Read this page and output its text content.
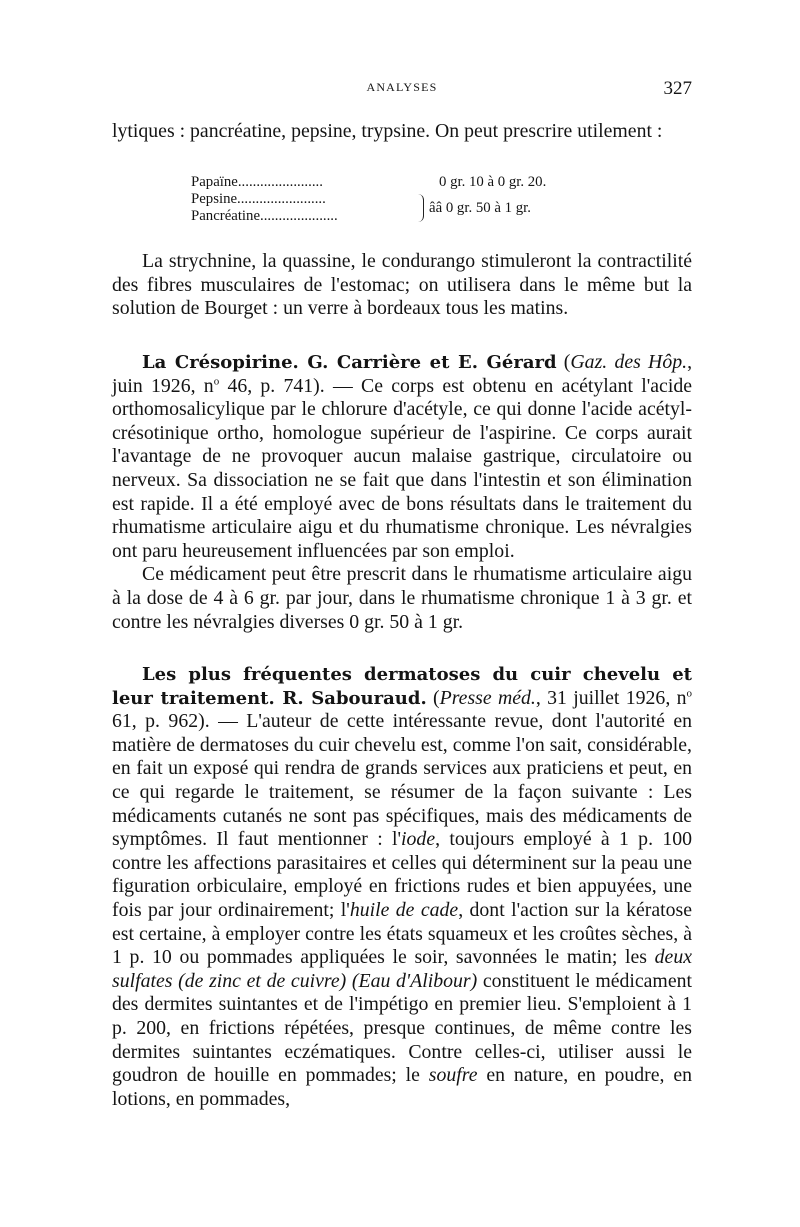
ANALYSES	327

lytiques : pancréatine, pepsine, trypsine. On peut prescrire utilement :

Papaïne.......................	0 gr. 10 à 0 gr. 20.
Pepsine........................
Pancréatine.....................	ââ 0 gr. 50 à 1 gr.

La strychnine, la quassine, le condurango stimuleront la contractilité des fibres musculaires de l'estomac; on utilisera dans le même but la solution de Bourget : un verre à bordeaux tous les matins.

La Crésopirine. G. Carrière et E. Gérard (Gaz. des Hôp., juin 1926, $n^o$ 46, p. 741). — Ce corps est obtenu en acétylant l'acide orthomosalicylique par le chlorure d'acétyle, ce qui donne l'acide acétyl-crésotinique ortho, homologue supérieur de l'aspirine. Ce corps aurait l'avantage de ne provoquer aucun malaise gastrique, circulatoire ou nerveux. Sa dissociation ne se fait que dans l'intestin et son élimination est rapide. Il a été employé avec de bons résultats dans le traitement du rhumatisme articulaire aigu et du rhumatisme chronique. Les névralgies ont paru heureusement influencées par son emploi.

Ce médicament peut être prescrit dans le rhumatisme articulaire aigu à la dose de 4 à 6 gr. par jour, dans le rhumatisme chronique 1 à 3 gr. et contre les névralgies diverses 0 gr. 50 à 1 gr.

Les plus fréquentes dermatoses du cuir chevelu et leur traitement. R. Sabouraud. (Presse méd., 31 juillet 1926, $n^o$ 61, p. 962). — L'auteur de cette intéressante revue, dont l'autorité en matière de dermatoses du cuir chevelu est, comme l'on sait, considérable, en fait un exposé qui rendra de grands services aux praticiens et peut, en ce qui regarde le traitement, se résumer de la façon suivante : Les médicaments cutanés ne sont pas spécifiques, mais des médicaments de symptômes. Il faut mentionner : l'iode, toujours employé à 1 p. 100 contre les affections parasitaires et celles qui déterminent sur la peau une figuration orbiculaire, employé en frictions rudes et bien appuyées, une fois par jour ordinairement; l'huile de cade, dont l'action sur la kératose est certaine, à employer contre les états squameux et les croûtes sèches, à 1 p. 10 ou pommades appliquées le soir, savonnées le matin; les deux sulfates (de zinc et de cuivre) (Eau d'Alibour) constituent le médicament des dermites suintantes et de l'impétigo en premier lieu. S'emploient à 1 p. 200, en frictions répétées, presque continues, de même contre les dermites suintantes eczématiques. Contre celles-ci, utiliser aussi le goudron de houille en pommades; le soufre en nature, en poudre, en lotions, en pommades,
